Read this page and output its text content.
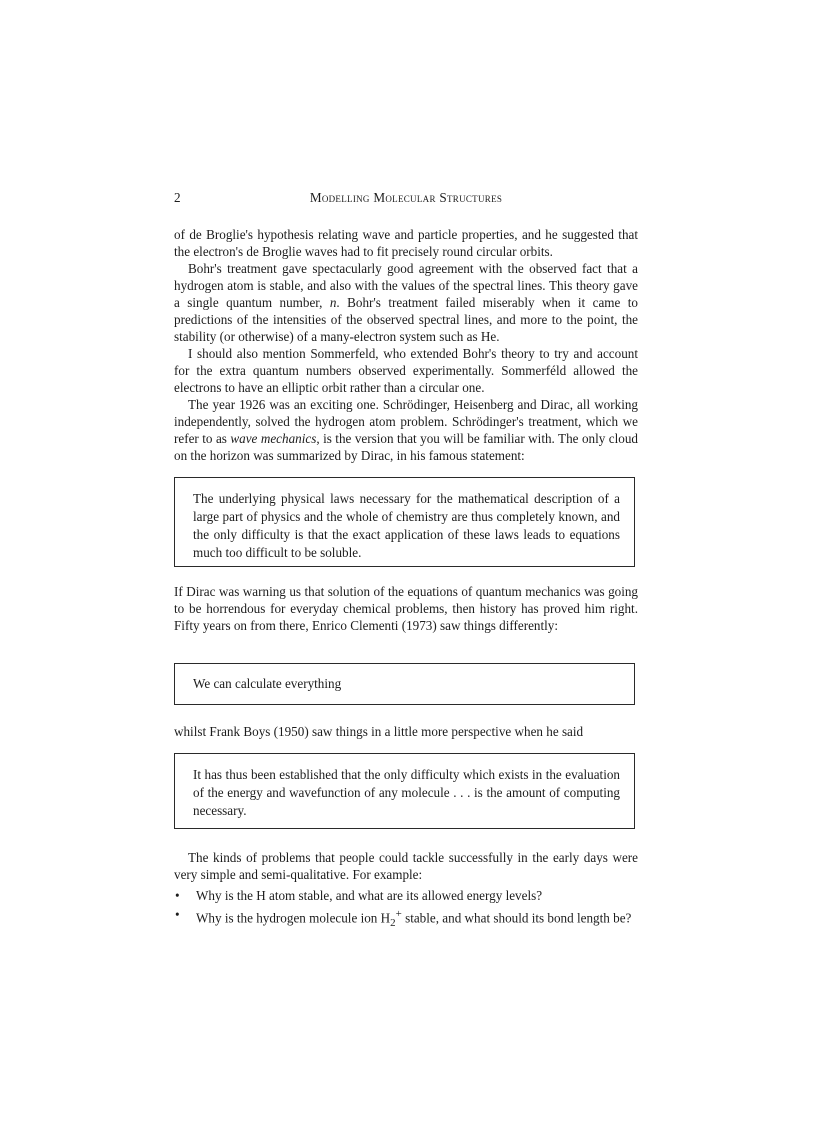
2	Modelling Molecular Structures

of de Broglie's hypothesis relating wave and particle properties, and he suggested that the electron's de Broglie waves had to fit precisely round circular orbits.

Bohr's treatment gave spectacularly good agreement with the observed fact that a hydrogen atom is stable, and also with the values of the spectral lines. This theory gave a single quantum number, n. Bohr's treatment failed miserably when it came to predictions of the intensities of the observed spectral lines, and more to the point, the stability (or otherwise) of a many-electron system such as He.

I should also mention Sommerfeld, who extended Bohr's theory to try and account for the extra quantum numbers observed experimentally. Sommerféld allowed the electrons to have an elliptic orbit rather than a circular one.

The year 1926 was an exciting one. Schrödinger, Heisenberg and Dirac, all working independently, solved the hydrogen atom problem. Schrödinger's treatment, which we refer to as wave mechanics, is the version that you will be familiar with. The only cloud on the horizon was summarized by Dirac, in his famous statement:

The underlying physical laws necessary for the mathematical description of a large part of physics and the whole of chemistry are thus completely known, and the only difficulty is that the exact application of these laws leads to equations much too difficult to be soluble.

If Dirac was warning us that solution of the equations of quantum mechanics was going to be horrendous for everyday chemical problems, then history has proved him right. Fifty years on from there, Enrico Clementi (1973) saw things differently:

We can calculate everything

whilst Frank Boys (1950) saw things in a little more perspective when he said

It has thus been established that the only difficulty which exists in the evaluation of the energy and wavefunction of any molecule . . . is the amount of computing necessary.

The kinds of problems that people could tackle successfully in the early days were very simple and semi-qualitative. For example:

• Why is the H atom stable, and what are its allowed energy levels?
• Why is the hydrogen molecule ion $H_2^+$ stable, and what should its bond length be?
